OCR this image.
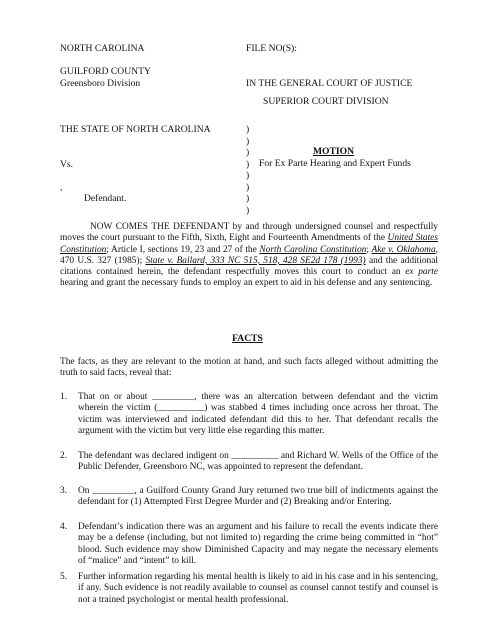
NORTH CAROLINA	FILE NO(S):
GUILFORD COUNTY
Greensboro Division	IN THE GENERAL COURT OF JUSTICE
SUPERIOR COURT DIVISION
THE STATE OF NORTH CAROLINA
Vs.
,
Defendant.
)
)
)
)
)
)
)
)
MOTION
For Ex Parte Hearing and Expert Funds
NOW COMES THE DEFENDANT by and through undersigned counsel and respectfully moves the court pursuant to the Fifth, Sixth, Eight and Fourteenth Amendments of the United States Constitution; Article I, sections 19, 23 and 27 of the North Carolina Constitution; Ake v. Oklahoma, 470 U.S. 327 (1985); State v. Ballard, 333 NC 515, 518, 428 SE2d 178 (1993) and the additional citations contained herein, the defendant respectfully moves this court to conduct an ex parte hearing and grant the necessary funds to employ an expert to aid in his defense and any sentencing.
FACTS
The facts, as they are relevant to the motion at hand, and such facts alleged without admitting the truth to said facts, reveal that:
1. That on or about _________, there was an altercation between defendant and the victim wherein the victim (__________) was stabbed 4 times including once across her throat. The victim was interviewed and indicated defendant did this to her. That defendant recalls the argument with the victim but very little else regarding this matter.
2. The defendant was declared indigent on __________ and Richard W. Wells of the Office of the Public Defender, Greensboro NC, was appointed to represent the defendant.
3. On _________, a Guilford County Grand Jury returned two true bill of indictments against the defendant for (1) Attempted First Degree Murder and (2) Breaking and/or Entering.
4. Defendant’s indication there was an argument and his failure to recall the events indicate there may be a defense (including, but not limited to) regarding the crime being committed in “hot” blood. Such evidence may show Diminished Capacity and may negate the necessary elements of “malice” and “intent” to kill.
5. Further information regarding his mental health is likely to aid in his case and in his sentencing, if any. Such evidence is not readily available to counsel as counsel cannot testify and counsel is not a trained psychologist or mental health professional.
